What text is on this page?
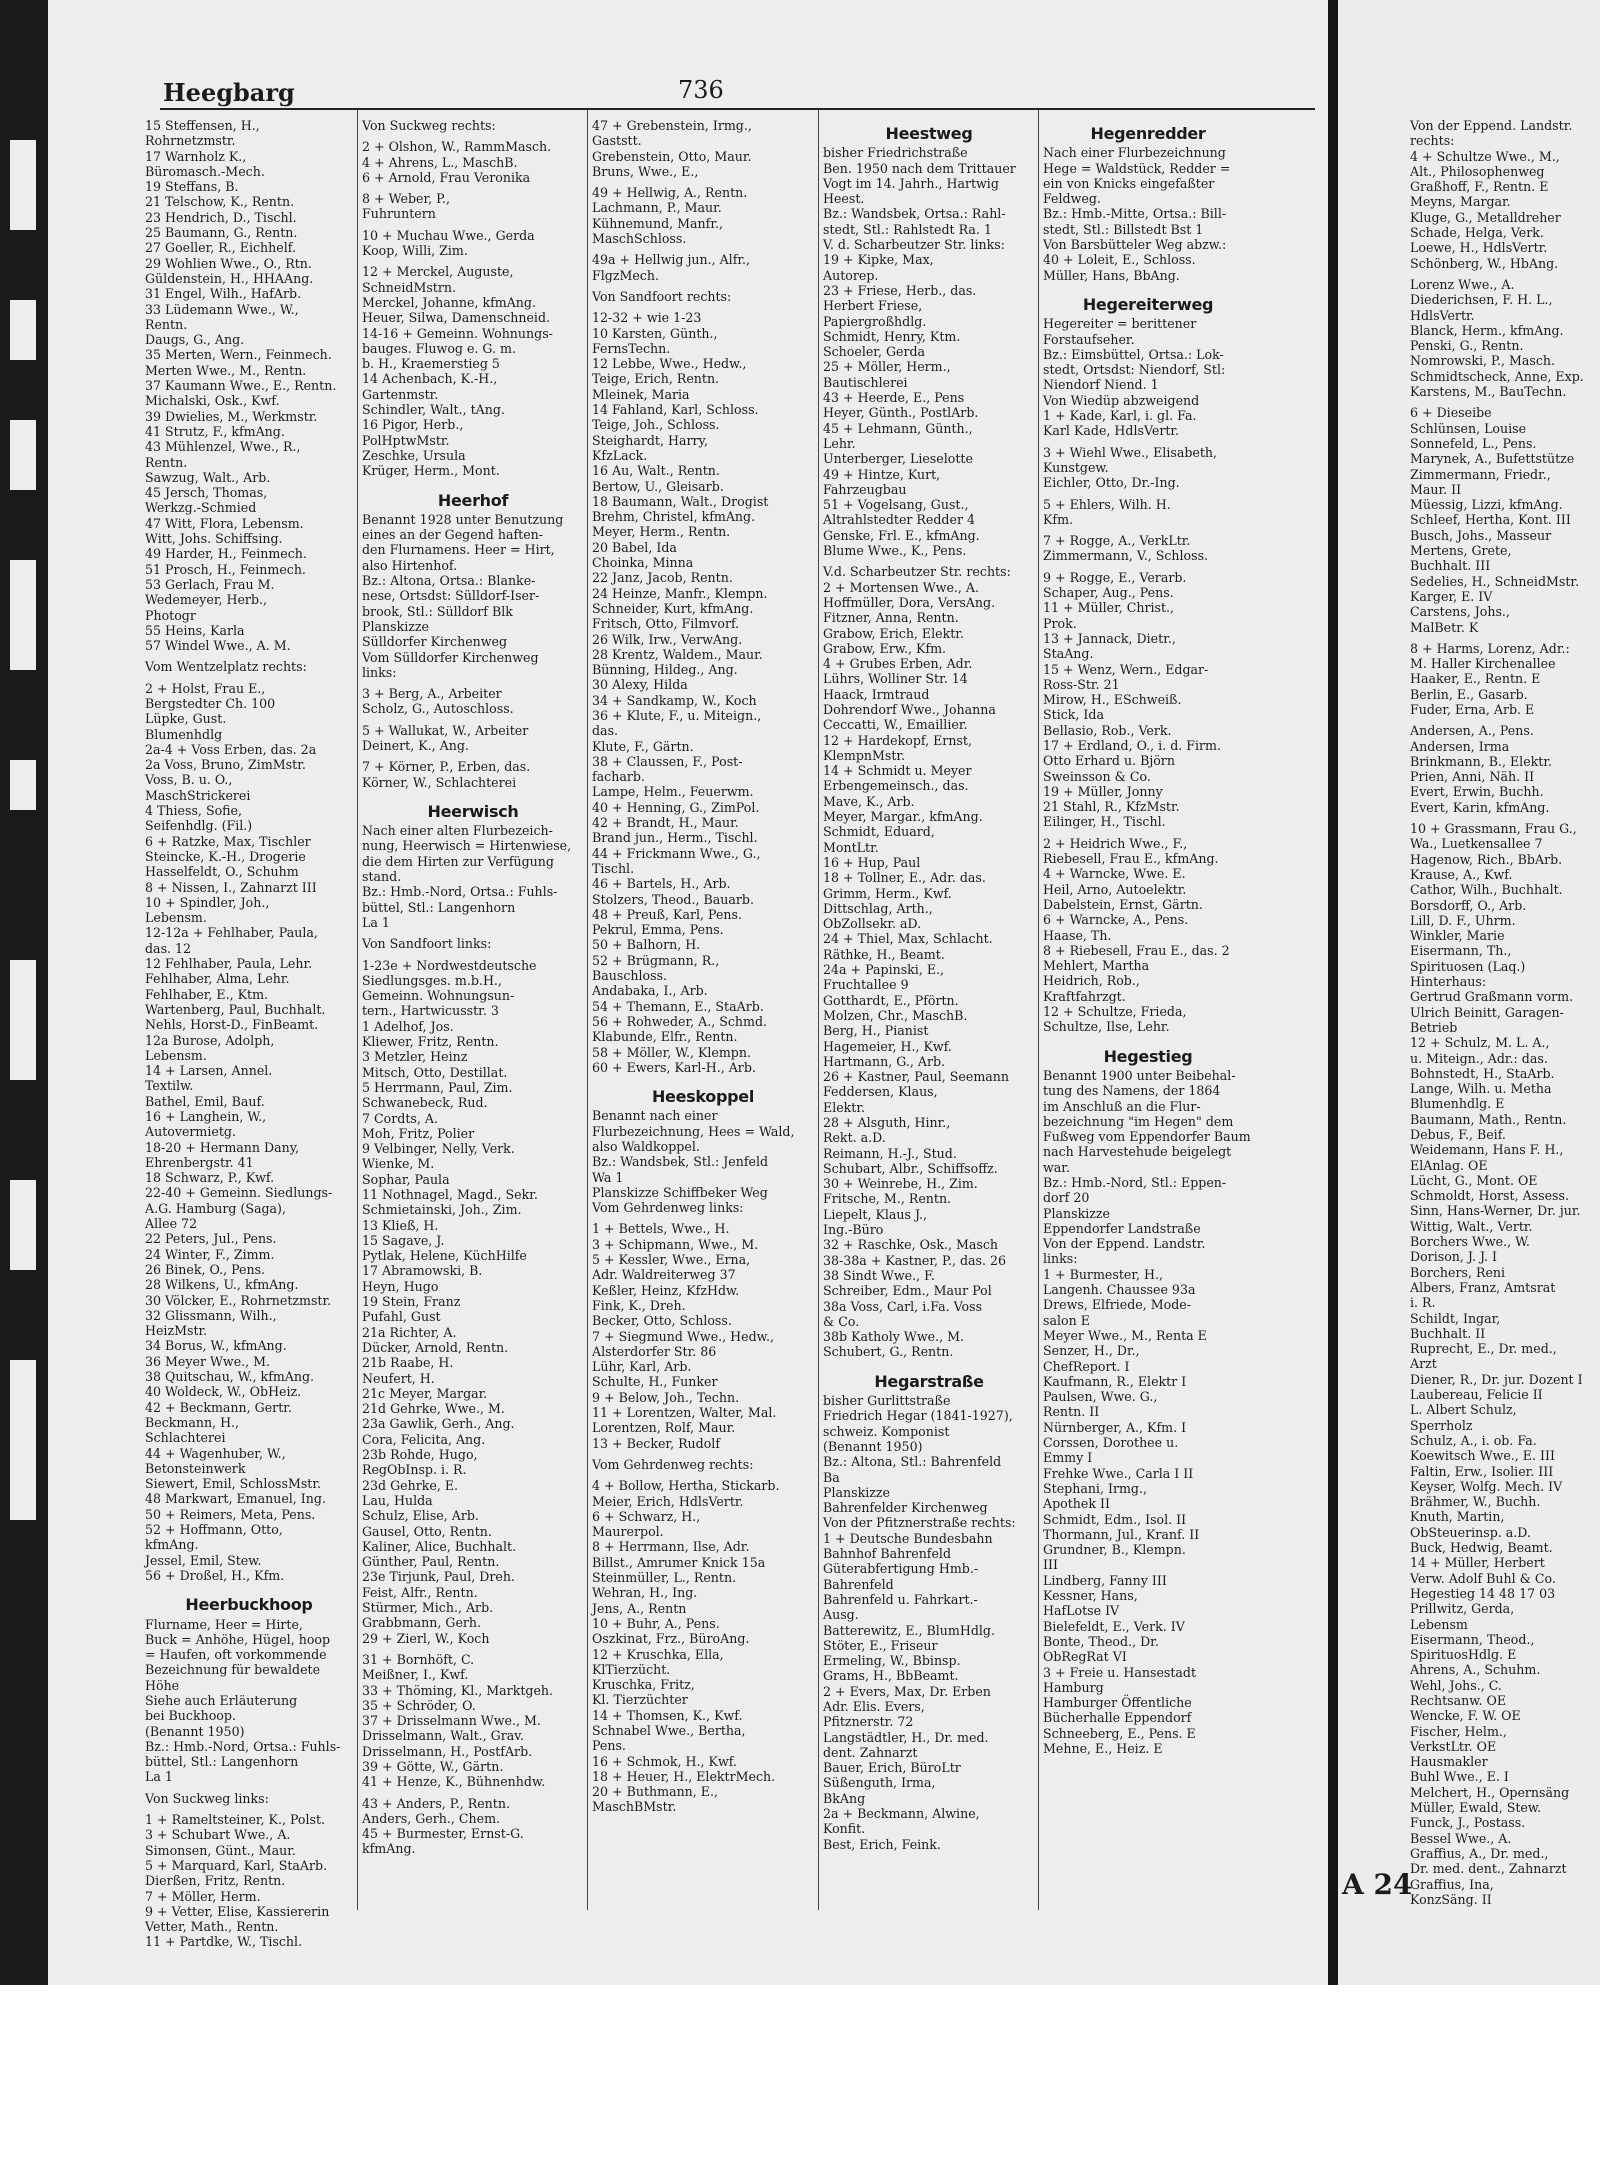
Heegbarg	736
15 Steffensen, H.,
Rohrnetzmstr.
17 Warnholz K.,
Büromasch.-Mech.
19 Steffans, B.
21 Telschow, K., Rentn.
23 Hendrich, D., Tischl.
25 Baumann, G., Rentn.
27 Goeller, R., Eichhelf.
29 Wohlien Wwe., O., Rtn.
Güldenstein, H., HHAAng.
31 Engel, Wilh., HafArb.
33 Lüdemann Wwe., W.,
Rentn.
Daugs, G., Ang.
35 Merten, Wern., Feinmech.
Merten Wwe., M., Rentn.
37 Kaumann Wwe., E., Rentn.
Michalski, Osk., Kwf.
39 Dwielies, M., Werkmstr.
41 Strutz, F., kfmAng.
43 Mühlenzel, Wwe., R.,
Rentn.
Sawzug, Walt., Arb.
45 Jersch, Thomas,
Werkzg.-Schmied
47 Witt, Flora, Lebensm.
Witt, Johs. Schiffsing.
49 Harder, H., Feinmech.
51 Prosch, H., Feinmech.
53 Gerlach, Frau M.
Wedemeyer, Herb.,
Photogr
55 Heins, Karla
57 Windel Wwe., A. M.
Vom Wentzelplatz rechts:
2 + Holst, Frau E.,
Bergstedter Ch. 100
Lüpke, Gust.
Blumenhdlg
2a-4 + Voss Erben, das. 2a
2a Voss, Bruno, ZimMstr.
Voss, B. u. O.,
MaschStrickerei
4 Thiess, Sofie,
Seifenhdlg. (Fil.)
6 + Ratzke, Max, Tischler
Steincke, K.-H., Drogerie
Hasselfeldt, O., Schuhm
8 + Nissen, I., Zahnarzt III
10 + Spindler, Joh.,
Lebensm.
12-12a + Fehlhaber, Paula,
das. 12
12 Fehlhaber, Paula, Lehr.
Fehlhaber, Alma, Lehr.
Fehlhaber, E., Ktm.
Wartenberg, Paul, Buchhalt.
Nehls, Horst-D., FinBeamt.
12a Burose, Adolph,
Lebensm.
14 + Larsen, Annel.
Textilw.
Bathel, Emil, Bauf.
16 + Langhein, W.,
Autovermietg.
18-20 + Hermann Dany,
Ehrenbergstr. 41
18 Schwarz, P., Kwf.
22-40 + Gemeinn. Siedlungs-
A.G. Hamburg (Saga),
Allee 72
22 Peters, Jul., Pens.
24 Winter, F., Zimm.
26 Binek, O., Pens.
28 Wilkens, U., kfmAng.
30 Völcker, E., Rohrnetzmstr.
32 Glissmann, Wilh.,
HeizMstr.
34 Borus, W., kfmAng.
36 Meyer Wwe., M.
38 Quitschau, W., kfmAng.
40 Woldeck, W., ObHeiz.
42 + Beckmann, Gertr.
Beckmann, H.,
Schlachterei
44 + Wagenhuber, W.,
Betonsteinwerk
Siewert, Emil, SchlossMstr.
48 Markwart, Emanuel, Ing.
50 + Reimers, Meta, Pens.
52 + Hoffmann, Otto,
kfmAng.
Jessel, Emil, Stew.
56 + Droßel, H., Kfm.
Heerbuckhoop
Flurname, Heer = Hirte,
Buck = Anhöhe, Hügel, hoop
= Haufen, oft vorkommende
Bezeichnung für bewaldete
Höhe
Siehe auch Erläuterung
bei Buckhoop.
(Benannt 1950)
Bz.: Hmb.-Nord, Ortsa.: Fuhls-
büttel, Stl.: Langenhorn
La 1
Von Suckweg links:
1 + Rameltsteiner, K., Polst.
3 + Schubart Wwe., A.
Simonsen, Günt., Maur.
5 + Marquard, Karl, StaArb.
Dierßen, Fritz, Rentn.
7 + Möller, Herm.
9 + Vetter, Elise, Kassiererin
Vetter, Math., Rentn.
11 + Partdke, W., Tischl.
Von Suckweg rechts:
2 + Olshon, W., RammMasch.
4 + Ahrens, L., MaschB.
6 + Arnold, Frau Veronika
8 + Weber, P.,
Fuhruntern
10 + Muchau Wwe., Gerda
Koop, Willi, Zim.
12 + Merckel, Auguste,
SchneidMstrn.
Merckel, Johanne, kfmAng.
Heuer, Silwa, Damenschneid.
14-16 + Gemeinn. Wohnungs-
bauges. Fluwog e. G. m.
b. H., Kraemerstieg 5
14 Achenbach, K.-H.,
Gartenmstr.
Schindler, Walt., tAng.
16 Pigor, Herb.,
PolHptwMstr.
Zeschke, Ursula
Krüger, Herm., Mont.
Heerhof
Benannt 1928 unter Benutzung
eines an der Gegend haften-
den Flurnamens. Heer = Hirt,
also Hirtenhof.
Bz.: Altona, Ortsa.: Blanke-
nese, Ortsdst: Sülldorf-Iser-
brook, Stl.: Sülldorf Blk
Planskizze
Sülldorfer Kirchenweg
Vom Sülldorfer Kirchenweg
links:
3 + Berg, A., Arbeiter
Scholz, G., Autoschloss.
5 + Wallukat, W., Arbeiter
Deinert, K., Ang.
7 + Körner, P., Erben, das.
Körner, W., Schlachterei
Heerwisch
Nach einer alten Flurbezeich-
nung, Heerwisch = Hirtenwiese,
die dem Hirten zur Verfügung
stand.
Bz.: Hmb.-Nord, Ortsa.: Fuhls-
büttel, Stl.: Langenhorn
La 1
Von Sandfoort links:
1-23e + Nordwestdeutsche
Siedlungsges. m.b.H.,
Gemeinn. Wohnungsun-
tern., Hartwicusstr. 3
1 Adelhof, Jos.
Kliewer, Fritz, Rentn.
3 Metzler, Heinz
Mitsch, Otto, Destillat.
5 Herrmann, Paul, Zim.
Schwanebeck, Rud.
7 Cordts, A.
Moh, Fritz, Polier
9 Velbinger, Nelly, Verk.
Wienke, M.
Sophar, Paula
11 Nothnagel, Magd., Sekr.
Schmietainski, Joh., Zim.
13 Kließ, H.
15 Sagave, J.
Pytlak, Helene, KüchHilfe
17 Abramowski, B.
Heyn, Hugo
19 Stein, Franz
Pufahl, Gust
21a Richter, A.
Dücker, Arnold, Rentn.
21b Raabe, H.
Neufert, H.
21c Meyer, Margar.
21d Gehrke, Wwe., M.
23a Gawlik, Gerh., Ang.
Cora, Felicita, Ang.
23b Rohde, Hugo,
RegObInsp. i. R.
23d Gehrke, E.
Lau, Hulda
Schulz, Elise, Arb.
Gausel, Otto, Rentn.
Kaliner, Alice, Buchhalt.
Günther, Paul, Rentn.
23e Tirjunk, Paul, Dreh.
Feist, Alfr., Rentn.
Stürmer, Mich., Arb.
Grabbmann, Gerh.
29 + Zierl, W., Koch
31 + Bornhöft, C.
Meißner, I., Kwf.
33 + Thöming, Kl., Marktgeh.
35 + Schröder, O.
37 + Drisselmann Wwe., M.
Drisselmann, Walt., Grav.
Drisselmann, H., PostfArb.
39 + Götte, W., Gärtn.
41 + Henze, K., Bühnenhdw.
43 + Anders, P., Rentn.
Anders, Gerh., Chem.
45 + Burmester, Ernst-G.
kfmAng.
47 + Grebenstein, Irmg.,
Gaststt.
Grebenstein, Otto, Maur.
Bruns, Wwe., E.,
49 + Hellwig, A., Rentn.
Lachmann, P., Maur.
Kühnemund, Manfr.,
MaschSchloss.
49a + Hellwig jun., Alfr.,
FlgzMech.
Von Sandfoort rechts:
12-32 + wie 1-23
10 Karsten, Günth.,
FernsTechn.
12 Lebbe, Wwe., Hedw.,
Teige, Erich, Rentn.
Mleinek, Maria
14 Fahland, Karl, Schloss.
Teige, Joh., Schloss.
Steighardt, Harry,
KfzLack.
16 Au, Walt., Rentn.
Bertow, U., Gleisarb.
18 Baumann, Walt., Drogist
Brehm, Christel, kfmAng.
Meyer, Herm., Rentn.
20 Babel, Ida
Choinka, Minna
22 Janz, Jacob, Rentn.
24 Heinze, Manfr., Klempn.
Schneider, Kurt, kfmAng.
Fritsch, Otto, Filmvorf.
26 Wilk, Irw., VerwAng.
28 Krentz, Waldem., Maur.
Bünning, Hildeg., Ang.
30 Alexy, Hilda
34 + Sandkamp, W., Koch
36 + Klute, F., u. Miteign.,
das.
Klute, F., Gärtn.
38 + Claussen, F., Post-
facharb.
Lampe, Helm., Feuerwm.
40 + Henning, G., ZimPol.
42 + Brandt, H., Maur.
Brand jun., Herm., Tischl.
44 + Frickmann Wwe., G.,
Tischl.
46 + Bartels, H., Arb.
Stolzers, Theod., Bauarb.
48 + Preuß, Karl, Pens.
Pekrul, Emma, Pens.
50 + Balhorn, H.
52 + Brügmann, R.,
Bauschloss.
Andabaka, I., Arb.
54 + Themann, E., StaArb.
56 + Rohweder, A., Schmd.
Klabunde, Elfr., Rentn.
58 + Möller, W., Klempn.
60 + Ewers, Karl-H., Arb.
Heeskoppel
Benannt nach einer
Flurbezeichnung, Hees = Wald,
also Waldkoppel.
Bz.: Wandsbek, Stl.: Jenfeld
Wa 1
Planskizze Schiffbeker Weg
Vom Gehrdenweg links:
1 + Bettels, Wwe., H.
3 + Schipmann, Wwe., M.
5 + Kessler, Wwe., Erna,
Adr. Waldreiterweg 37
Keßler, Heinz, KfzHdw.
Fink, K., Dreh.
Becker, Otto, Schloss.
7 + Siegmund Wwe., Hedw.,
Alsterdorfer Str. 86
Lühr, Karl, Arb.
Schulte, H., Funker
9 + Below, Joh., Techn.
11 + Lorentzen, Walter, Mal.
Lorentzen, Rolf, Maur.
13 + Becker, Rudolf
Vom Gehrdenweg rechts:
4 + Bollow, Hertha, Stickarb.
Meier, Erich, HdlsVertr.
6 + Schwarz, H.,
Maurerpol.
8 + Herrmann, Ilse, Adr.
Billst., Amrumer Knick 15a
Steinmüller, L., Rentn.
Wehran, H., Ing.
Jens, A., Rentn
10 + Buhr, A., Pens.
Oszkinat, Frz., BüroAng.
12 + Kruschka, Ella,
KlTierzücht.
Kruschka, Fritz,
Kl. Tierzüchter
14 + Thomsen, K., Kwf.
Schnabel Wwe., Bertha,
Pens.
16 + Schmok, H., Kwf.
18 + Heuer, H., ElektrMech.
20 + Buthmann, E.,
MaschBMstr.
Heestweg
bisher Friedrichstraße
Ben. 1950 nach dem Trittauer
Vogt im 14. Jahrh., Hartwig
Heest.
Bz.: Wandsbek, Ortsa.: Rahl-
stedt, Stl.: Rahlstedt Ra. 1
V. d. Scharbeutzer Str. links:
19 + Kipke, Max,
Autorep.
23 + Friese, Herb., das.
Herbert Friese,
Papiergroßhdlg.
Schmidt, Henry, Ktm.
Schoeler, Gerda
25 + Möller, Herm.,
Bautischlerei
43 + Heerde, E., Pens
Heyer, Günth., PostlArb.
45 + Lehmann, Günth.,
Lehr.
Unterberger, Lieselotte
49 + Hintze, Kurt,
Fahrzeugbau
51 + Vogelsang, Gust.,
Altrahlstedter Redder 4
Genske, Frl. E., kfmAng.
Blume Wwe., K., Pens.
V.d. Scharbeutzer Str. rechts:
2 + Mortensen Wwe., A.
Hoffmüller, Dora, VersAng.
Fitzner, Anna, Rentn.
Grabow, Erich, Elektr.
Grabow, Erw., Kfm.
4 + Grubes Erben, Adr.
Lührs, Wolliner Str. 14
Haack, Irmtraud
Dohrendorf Wwe., Johanna
Ceccatti, W., Emaillier.
12 + Hardekopf, Ernst,
KlempnMstr.
14 + Schmidt u. Meyer
Erbengemeinsch., das.
Mave, K., Arb.
Meyer, Margar., kfmAng.
Schmidt, Eduard,
MontLtr.
16 + Hup, Paul
18 + Tollner, E., Adr. das.
Grimm, Herm., Kwf.
Dittschlag, Arth.,
ObZollsekr. aD.
24 + Thiel, Max, Schlacht.
Räthke, H., Beamt.
24a + Papinski, E.,
Fruchtallee 9
Gotthardt, E., Pförtn.
Molzen, Chr., MaschB.
Berg, H., Pianist
Hagemeier, H., Kwf.
Hartmann, G., Arb.
26 + Kastner, Paul, Seemann
Feddersen, Klaus,
Elektr.
28 + Alsguth, Hinr.,
Rekt. a.D.
Reimann, H.-J., Stud.
Schubart, Albr., Schiffsoffz.
30 + Weinrebe, H., Zim.
Fritsche, M., Rentn.
Liepelt, Klaus J.,
Ing.-Büro
32 + Raschke, Osk., Masch
38-38a + Kastner, P., das. 26
38 Sindt Wwe., F.
Schreiber, Edm., Maur Pol
38a Voss, Carl, i.Fa. Voss
& Co.
38b Katholy Wwe., M.
Schubert, G., Rentn.
Hegarstraße
bisher Gurlittstraße
Friedrich Hegar (1841-1927),
schweiz. Komponist
(Benannt 1950)
Bz.: Altona, Stl.: Bahrenfeld
Ba
Planskizze
Bahrenfelder Kirchenweg
Von der Pfitznerstraße rechts:
1 + Deutsche Bundesbahn
Bahnhof Bahrenfeld
Güterabfertigung Hmb.-
Bahrenfeld
Bahrenfeld u. Fahrkart.-
Ausg.
Batterewitz, E., BlumHdlg.
Stöter, E., Friseur
Ermeling, W., Bbinsp.
Grams, H., BbBeamt.
2 + Evers, Max, Dr. Erben
Adr. Elis. Evers,
Pfitznerstr. 72
Langstädtler, H., Dr. med.
dent. Zahnarzt
Bauer, Erich, BüroLtr
Süßenguth, Irma,
BkAng
2a + Beckmann, Alwine,
Konfit.
Best, Erich, Feink.
Hegenredder
Nach einer Flurbezeichnung
Hege = Waldstück, Redder =
ein von Knicks eingefaßter
Feldweg.
Bz.: Hmb.-Mitte, Ortsa.: Bill-
stedt, Stl.: Billstedt Bst 1
Von Barsbütteler Weg abzw.:
40 + Loleit, E., Schloss.
Müller, Hans, BbAng.
Hegereiterweg
Hegereiter = berittener
Forstaufseher.
Bz.: Eimsbüttel, Ortsa.: Lok-
stedt, Ortsdst: Niendorf, Stl:
Niendorf Niend. 1
Von Wiedüp abzweigend
1 + Kade, Karl, i. gl. Fa.
Karl Kade, HdlsVertr.
3 + Wiehl Wwe., Elisabeth,
Kunstgew.
Eichler, Otto, Dr.-Ing.
5 + Ehlers, Wilh. H.
Kfm.
7 + Rogge, A., VerkLtr.
Zimmermann, V., Schloss.
9 + Rogge, E., Verarb.
Schaper, Aug., Pens.
11 + Müller, Christ.,
Prok.
13 + Jannack, Dietr.,
StaAng.
15 + Wenz, Wern., Edgar-
Ross-Str. 21
Mirow, H., ESchweiß.
Stick, Ida
Bellasio, Rob., Verk.
17 + Erdland, O., i. d. Firm.
Otto Erhard u. Björn
Sweinsson & Co.
19 + Müller, Jonny
21 Stahl, R., KfzMstr.
Eilinger, H., Tischl.
2 + Heidrich Wwe., F.,
Riebesell, Frau E., kfmAng.
4 + Warncke, Wwe. E.
Heil, Arno, Autoelektr.
Dabelstein, Ernst, Gärtn.
6 + Warncke, A., Pens.
Haase, Th.
8 + Riebesell, Frau E., das. 2
Mehlert, Martha
Heidrich, Rob.,
Kraftfahrzgt.
12 + Schultze, Frieda,
Schultze, Ilse, Lehr.
Hegestieg
Benannt 1900 unter Beibehal-
tung des Namens, der 1864
im Anschluß an die Flur-
bezeichnung "im Hegen" dem
Fußweg vom Eppendorfer Baum
nach Harvestehude beigelegt
war.
Bz.: Hmb.-Nord, Stl.: Eppen-
dorf 20
Planskizze
Eppendorfer Landstraße
Von der Eppend. Landstr.
links:
1 + Burmester, H.,
Langenh. Chaussee 93a
Drews, Elfriede, Mode-
salon E
Meyer Wwe., M., Renta E
Senzer, H., Dr.,
ChefReport. I
Kaufmann, R., Elektr I
Paulsen, Wwe. G.,
Rentn. II
Nürnberger, A., Kfm. I
Corssen, Dorothee u.
Emmy I
Frehke Wwe., Carla I II
Stephani, Irmg.,
Apothek II
Schmidt, Edm., Isol. II
Thormann, Jul., Kranf. II
Grundner, B., Klempn.
III
Lindberg, Fanny III
Kessner, Hans,
HafLotse IV
Bielefeldt, E., Verk. IV
Bonte, Theod., Dr.
ObRegRat VI
3 + Freie u. Hansestadt
Hamburg
Hamburger Öffentliche
Bücherhalle Eppendorf
Schneeberg, E., Pens. E
Mehne, E., Heiz. E
Von der Eppend. Landstr.
rechts:
4 + Schultze Wwe., M.,
Alt., Philosophenweg
Graßhoff, F., Rentn. E
Meyns, Margar.
Kluge, G., Metalldreher
Schade, Helga, Verk.
Loewe, H., HdlsVertr.
Schönberg, W., HbAng.
Lorenz Wwe., A.
Diederichsen, F. H. L.,
HdlsVertr.
Blanck, Herm., kfmAng.
Penski, G., Rentn.
Nomrowski, P., Masch.
Schmidtscheck, Anne, Exp.
Karstens, M., BauTechn.
6 + Dieseibe
Schlünsen, Louise
Sonnefeld, L., Pens.
Marynek, A., Bufettstütze
Zimmermann, Friedr.,
Maur. II
Müessig, Lizzi, kfmAng.
Schleef, Hertha, Kont. III
Busch, Johs., Masseur
Mertens, Grete,
Buchhalt. III
Sedelies, H., SchneidMstr.
Karger, E. IV
Carstens, Johs.,
MalBetr. K
8 + Harms, Lorenz, Adr.:
M. Haller Kirchenallee
Haaker, E., Rentn. E
Berlin, E., Gasarb.
Fuder, Erna, Arb. E
Andersen, A., Pens.
Andersen, Irma
Brinkmann, B., Elektr.
Prien, Anni, Näh. II
Evert, Erwin, Buchh.
Evert, Karin, kfmAng.
10 + Grassmann, Frau G.,
Wa., Luetkensallee 7
Hagenow, Rich., BbArb.
Krause, A., Kwf.
Cathor, Wilh., Buchhalt.
Borsdorff, O., Arb.
Lill, D. F., Uhrm.
Winkler, Marie
Eisermann, Th.,
Spirituosen (Laq.)
Hinterhaus:
Gertrud Graßmann vorm.
Ulrich Beinitt, Garagen-
Betrieb
12 + Schulz, M. L. A.,
u. Miteign., Adr.: das.
Bohnstedt, H., StaArb.
Lange, Wilh. u. Metha
Blumenhdlg. E
Baumann, Math., Rentn.
Debus, F., Beif.
Weidemann, Hans F. H.,
ElAnlag. OE
Lücht, G., Mont. OE
Schmoldt, Horst, Assess.
Sinn, Hans-Werner, Dr. jur.
Wittig, Walt., Vertr.
Borchers Wwe., W.
Dorison, J. J. I
Borchers, Reni
Albers, Franz, Amtsrat
i. R.
Schildt, Ingar,
Buchhalt. II
Ruprecht, E., Dr. med.,
Arzt
Diener, R., Dr. jur. Dozent I
Laubereau, Felicie II
L. Albert Schulz,
Sperrholz
Schulz, A., i. ob. Fa.
Koewitsch Wwe., E. III
Faltin, Erw., Isolier. III
Keyser, Wolfg. Mech. IV
Brähmer, W., Buchh.
Knuth, Martin,
ObSteuerinsp. a.D.
Buck, Hedwig, Beamt.
14 + Müller, Herbert
Verw. Adolf Buhl & Co.
Hegestieg 14 48 17 03
Prillwitz, Gerda,
Lebensm
Eisermann, Theod.,
SpirituosHdlg. E
Ahrens, A., Schuhm.
Wehl, Johs., C.
Rechtsanw. OE
Wencke, F. W. OE
Fischer, Helm.,
VerkstLtr. OE
Hausmakler
Buhl Wwe., E. I
Melchert, H., Opernsäng
Müller, Ewald, Stew.
Funck, J., Postass.
Bessel Wwe., A.
Graffius, A., Dr. med.,
Dr. med. dent., Zahnarzt
Graffius, Ina,
KonzSäng. II
A 24
